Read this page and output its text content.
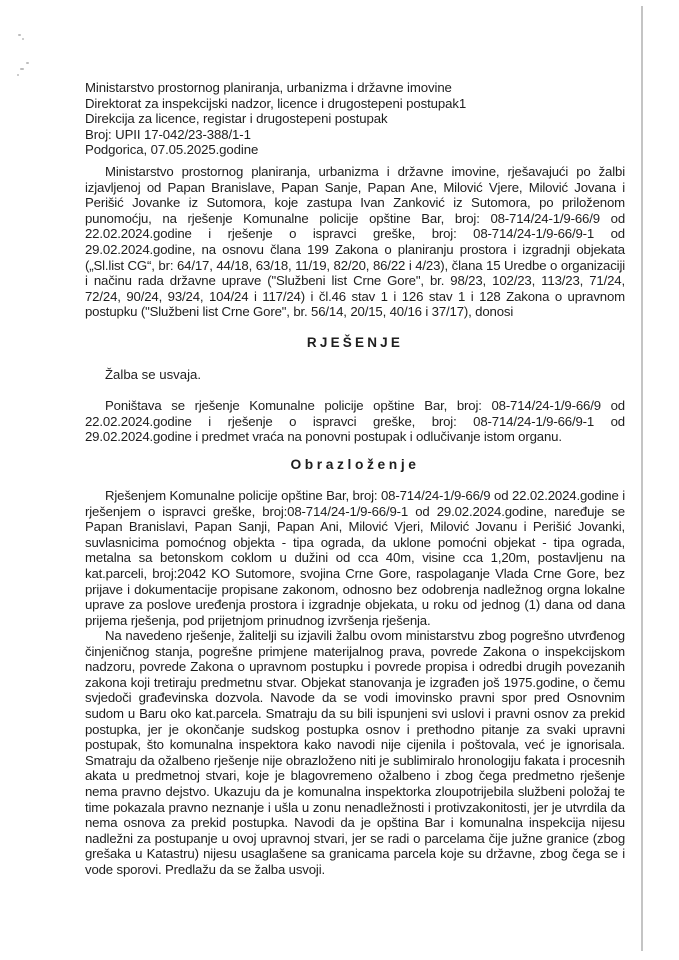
Ministarstvo prostornog planiranja, urbanizma i državne imovine
Direktorat za inspekcijski nadzor, licence i drugostepeni postupak1
Direkcija za licence, registar i drugostepeni postupak
Broj: UPII 17-042/23-388/1-1
Podgorica, 07.05.2025.godine

Ministarstvo prostornog planiranja, urbanizma i državne imovine, rješavajući po žalbi izjavljenoj od Papan Branislave, Papan Sanje, Papan Ane, Milović Vjere, Milović Jovana i Perišić Jovanke iz Sutomora, koje zastupa Ivan Zanković iz Sutomora, po priloženom punomoćju, na rješenje Komunalne policije opštine Bar, broj: 08-714/24-1/9-66/9 od 22.02.2024.godine i rješenje o ispravci greške, broj: 08-714/24-1/9-66/9-1 od 29.02.2024.godine, na osnovu člana 199 Zakona o planiranju prostora i izgradnji objekata („Sl.list CG“, br: 64/17, 44/18, 63/18, 11/19, 82/20, 86/22 i 4/23), člana 15 Uredbe o organizaciji i načinu rada državne uprave ("Službeni list Crne Gore", br. 98/23, 102/23, 113/23, 71/24, 72/24, 90/24, 93/24, 104/24 i 117/24) i čl.46 stav 1 i 126 stav 1 i 128 Zakona o upravnom postupku ("Službeni list Crne Gore", br. 56/14, 20/15, 40/16 i 37/17), donosi

RJEŠENJE
Žalba se usvaja.

Poništava se rješenje Komunalne policije opštine Bar, broj: 08-714/24-1/9-66/9 od 22.02.2024.godine i rješenje o ispravci greške, broj: 08-714/24-1/9-66/9-1 od 29.02.2024.godine i predmet vraća na ponovni postupak i odlučivanje istom organu.

Obrazloženje

Rješenjem Komunalne policije opštine Bar, broj: 08-714/24-1/9-66/9 od 22.02.2024.godine i rješenjem o ispravci greške, broj:08-714/24-1/9-66/9-1 od 29.02.2024.godine, naređuje se Papan Branislavi, Papan Sanji, Papan Ani, Milović Vjeri, Milović Jovanu i Perišić Jovanki, suvlasnicima pomoćnog objekta - tipa ograda, da uklone pomoćni objekat - tipa ograda, metalna sa betonskom coklom u dužini od cca 40m, visine cca 1,20m, postavljenu na kat.parceli, broj:2042 KO Sutomore, svojina Crne Gore, raspolaganje Vlada Crne Gore, bez prijave i dokumentacije propisane zakonom, odnosno bez odobrenja nadležnog orgna lokalne uprave za poslove uređenja prostora i izgradnje objekata, u roku od jednog (1) dana od dana prijema rješenja, pod prijetnjom prinudnog izvršenja rješenja.

Na navedeno rješenje, žalitelji su izjavili žalbu ovom ministarstvu zbog pogrešno utvrđenog činjeničnog stanja, pogrešne primjene materijalnog prava, povrede Zakona o inspekcijskom nadzoru, povrede Zakona o upravnom postupku i povrede propisa i odredbi drugih povezanih zakona koji tretiraju predmetnu stvar. Objekat stanovanja je izgrađen još 1975.godine, o čemu svjedoči građevinska dozvola. Navode da se vodi imovinsko pravni spor pred Osnovnim sudom u Baru oko kat.parcela. Smatraju da su bili ispunjeni svi uslovi i pravni osnov za prekid postupka, jer je okončanje sudskog postupka osnov i prethodno pitanje za svaki upravni postupak, što komunalna inspektora kako navodi nije cijenila i poštovala, već je ignorisala. Smatraju da ožalbeno rješenje nije obrazloženo niti je sublimiralo hronologiju fakata i procesnih akata u predmetnoj stvari, koje je blagovremeno ožalbeno i zbog čega predmetno rješenje nema pravno dejstvo. Ukazuju da je komunalna inspektorka zloupotrijebila službeni položaj te time pokazala pravno neznanje i ušla u zonu nenadležnosti i protivzakonitosti, jer je utvrdila da nema osnova za prekid postupka. Navodi da je opština Bar i komunalna inspekcija nijesu nadležni za postupanje u ovoj upravnoj stvari, jer se radi o parcelama čije južne granice (zbog grešaka u Katastru) nijesu usaglašene sa granicama parcela koje su državne, zbog čega se i vode sporovi. Predlažu da se žalba usvoji.
